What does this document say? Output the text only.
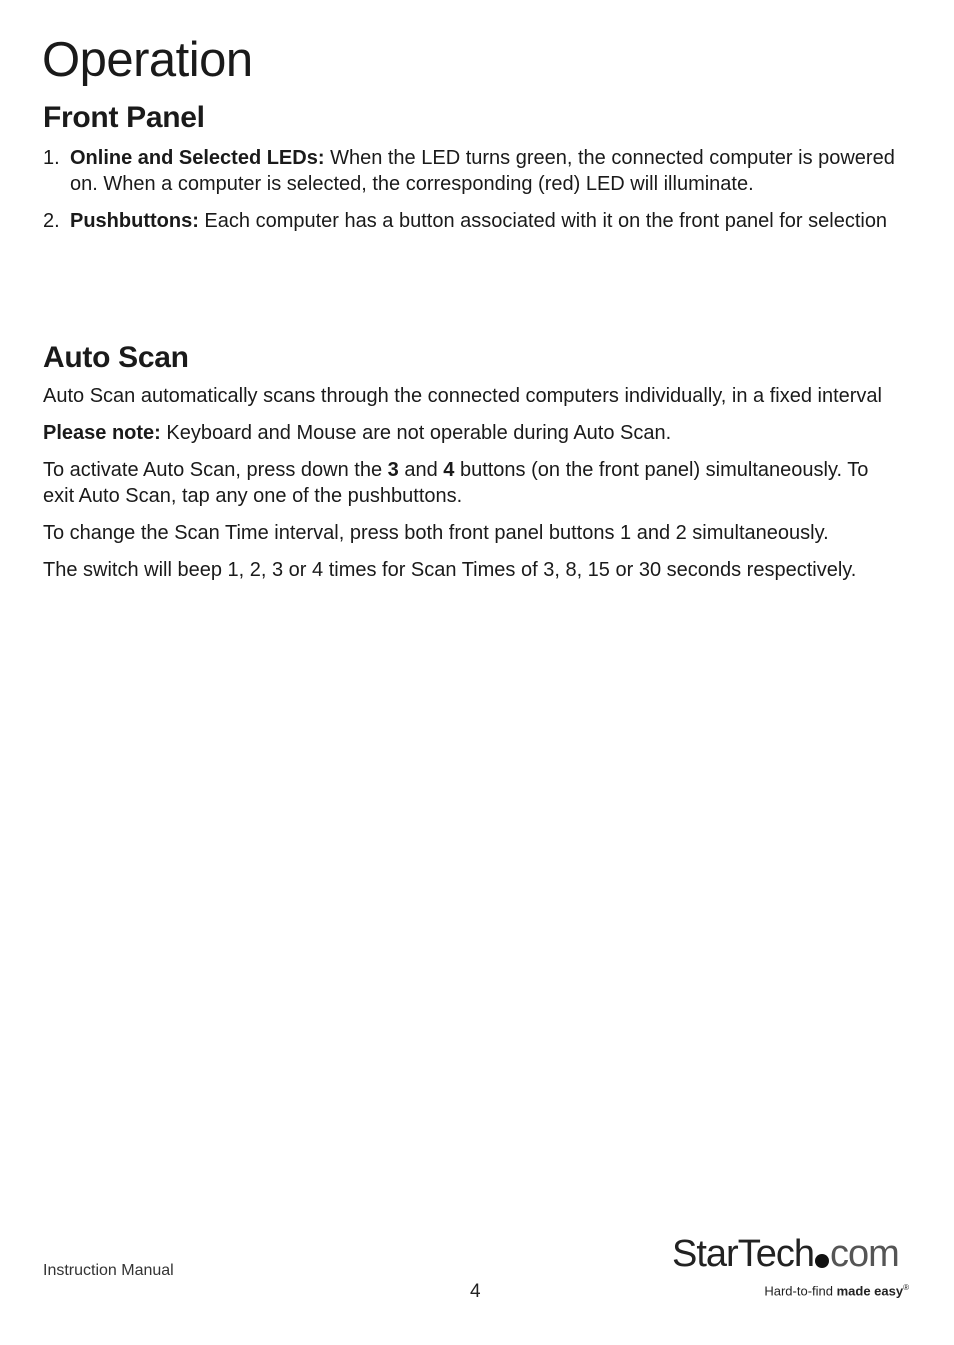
Operation
Front Panel
1. Online and Selected LEDs: When the LED turns green, the connected computer is powered on. When a computer is selected, the corresponding (red) LED will illuminate.
2. Pushbuttons: Each computer has a button associated with it on the front panel for selection
Auto Scan

Auto Scan automatically scans through the connected computers individually, in a fixed interval

Please note: Keyboard and Mouse are not operable during Auto Scan.

To activate Auto Scan, press down the 3 and 4 buttons (on the front panel) simultaneously. To exit Auto Scan, tap any one of the pushbuttons.

To change the Scan Time interval, press both front panel buttons 1 and 2 simultaneously.

The switch will beep 1, 2, 3 or 4 times for Scan Times of 3, 8, 15 or 30 seconds respectively.

Instruction Manual
4
StarTech com
Hard-to-find made easy®
